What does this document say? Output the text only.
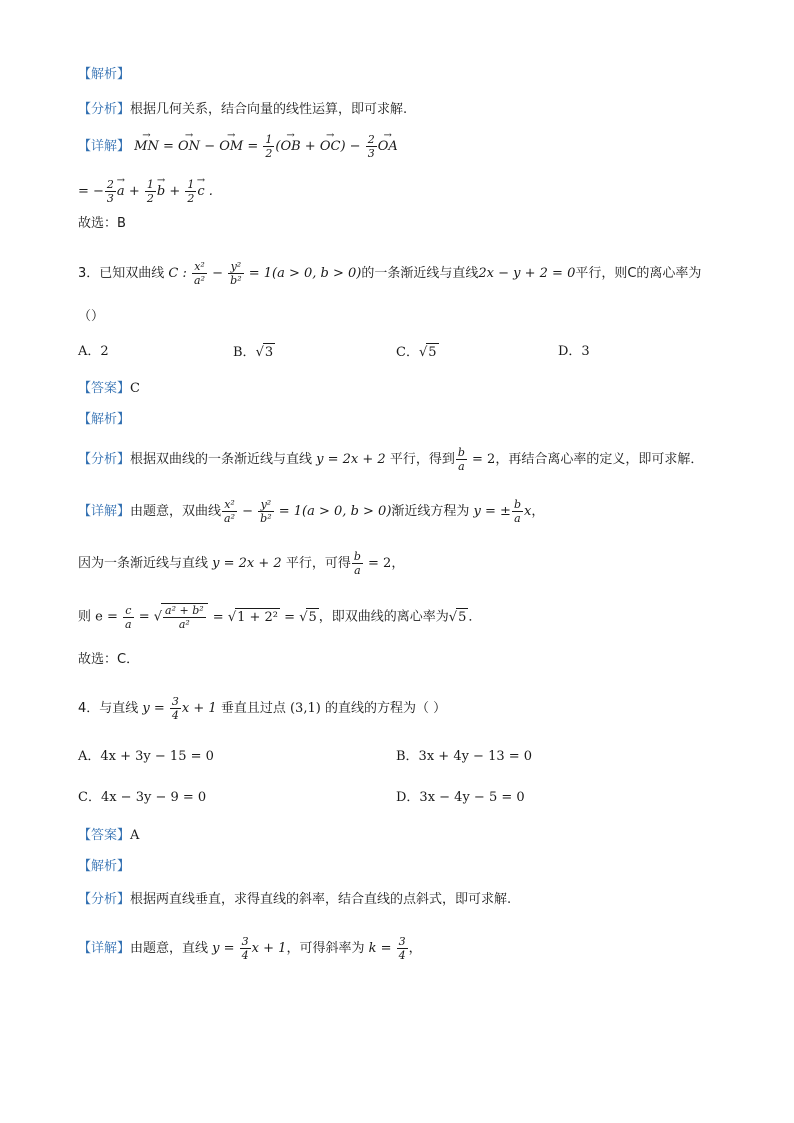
【解析】
【分析】根据几何关系，结合向量的线性运算，即可求解.
【详解】 → MN = → ON − → OM = $\frac{1}{2}$ (→ OB + → $OC) - \frac{2}{3}$
→ OA
= − $\frac{2}{3}$
→ $a + \frac{1}{2}$
→ $b + \frac{1}{2}$
→ c .
故选：B
3．已知双曲线 C : $\frac{\text{x²}}{\text{a²}} - \frac{\text{y²}}{\text{b²}} = 1(a > 0$, b > 0)的一条渐近线与直线2x − y + 2 = 0平行，则C的离心率为
（）
A．2	B．√3	C．√5	D．3
【答案】C
【解析】
【分析】根据双曲线的一条渐近线与直线 y = 2x + 2 平行，得到 $\frac{b}{a} = 2$，再结合离心率的定义，即可求解．
【详解】由题意，双曲线 $\frac{\text{x²}}{\text{a²}} - \frac{\text{y²}}{\text{b²}} = 1(a > 0$, b > 0)渐近线方程为 y = ± $\frac{b}{a}$ x，
因为一条渐近线与直线 y = 2x + 2 平行，可得 $\frac{b}{a} = 2$，
则 $e = \frac{c}{a}$ = √ $\frac{\text{a² + b²}}{\text{a²}} = √1 + 2^2 = √5$ ，即双曲线的离心率为√5 ．
故选：C．
4．与直线 $y = \frac{3}{4}$ x + 1 垂直且过点 (3,1) 的直线的方程为（ ）
A．4x + 3y − 15 = 0	B．3x + 4y − 13 = 0
C．4x − 3y − 9 = 0	D．3x − 4y − 5 = 0
【答案】A
【解析】
【分析】根据两直线垂直，求得直线的斜率，结合直线的点斜式，即可求解.
【详解】由题意，直线 $y = \frac{3}{4}$ x + 1，可得斜率为 $k = \frac{3}{4}$ ，
